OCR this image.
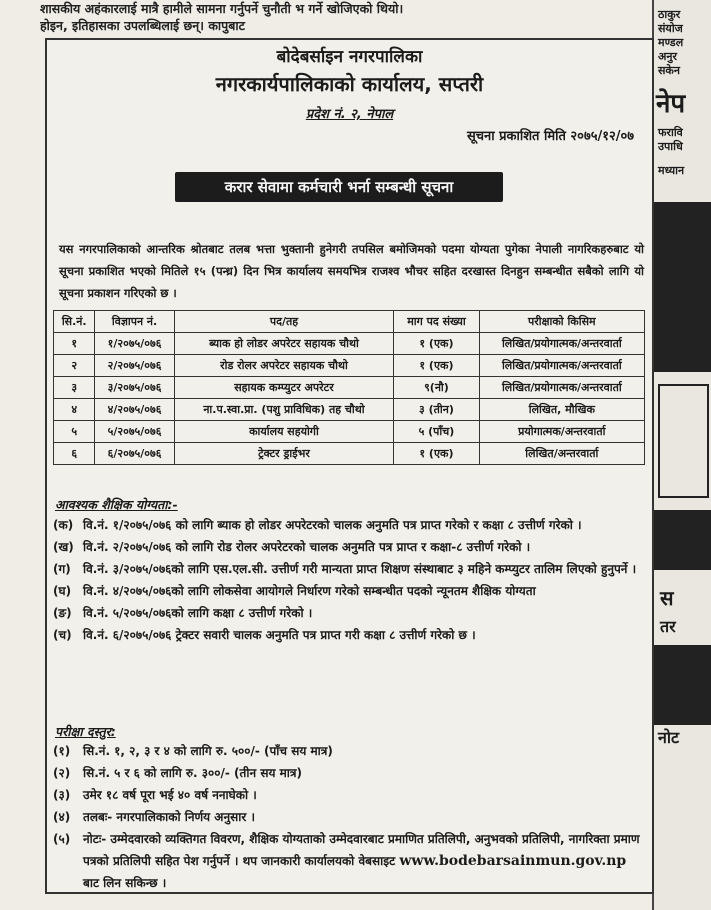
शासकीय अहंकारलाई मात्रै हामीले सामना गर्नुपर्ने चुनौती भ गर्ने खोजिएको थियो।
होइन, इतिहासका उपलब्धिलाई छन्। कापुबाट
ठाकुर
संयोज
मण्डल
अनुर
सकेन
नेप
फरावि
उपाधि
मध्यान
स
तर
नोट
बोदेबर्साइन नगरपालिका
नगरकार्यपालिकाको कार्यालय, सप्तरी
प्रदेश नं. २, नेपाल
सूचना प्रकाशित मिति २०७५/१२/०७
करार सेवामा कर्मचारी भर्ना सम्बन्धी सूचना
यस नगरपालिकाको आन्तरिक श्रोतबाट तलब भत्ता भुक्तानी हुनेगरी तपसिल बमोजिमको पदमा योग्यता पुगेका नेपाली नागरिकहरुबाट यो सूचना प्रकाशित भएको मितिले १५ (पन्ध्र) दिन भित्र कार्यालय समयभित्र राजश्व भौचर सहित दरखास्त दिनहुन सम्बन्धीत सबैको लागि यो सूचना प्रकाशन गरिएको छ ।
सि.नं.	विज्ञापन नं.	पद/तह	माग पद संख्या	परीक्षाको किसिम
१	१/२०७५/०७६	ब्याक हो लोडर अपरेटर सहायक चौथो	१ (एक)	लिखित/प्रयोगात्मक/अन्तरवार्ता
२	२/२०७५/०७६	रोड रोलर अपरेटर सहायक चौथो	१ (एक)	लिखित/प्रयोगात्मक/अन्तरवार्ता
३	३/२०७५/०७६	सहायक कम्प्युटर अपरेटर	९(नौ)	लिखित/प्रयोगात्मक/अन्तरवार्ता
४	४/२०७५/०७६	ना.प.स्वा.प्रा. (पशु प्राविधिक) तह चौथो	३ (तीन)	लिखित, मौखिक
५	५/२०७५/०७६	कार्यालय सहयोगी	५ (पाँच)	प्रयोगात्मक/अन्तरवार्ता
६	६/२०७५/०७६	ट्रेक्टर ड्राईभर	१ (एक)	लिखित/अन्तरवार्ता
आवश्यक शैक्षिक योग्यता:-
(क) वि.नं. १/२०७५/०७६ को लागि ब्याक हो लोडर अपरेटरको चालक अनुमति पत्र प्राप्त गरेको र कक्षा ८ उत्तीर्ण गरेको ।
(ख) वि.नं. २/२०७५/०७६ को लागि रोड रोलर अपरेटरको चालक अनुमति पत्र प्राप्त र कक्षा-८ उत्तीर्ण गरेको ।
(ग)	वि.नं. ३/२०७५/०७६को लागि एस.एल.सी. उत्तीर्ण गरी मान्यता प्राप्त शिक्षण संस्थाबाट ३ महिने कम्प्युटर तालिम लिएको हुनुपर्ने ।
(घ) वि.नं. ४/२०७५/०७६को लागि लोकसेवा आयोगले निर्धारण गरेको सम्बन्धीत पदको न्यूनतम शैक्षिक योग्यता
(ङ) वि.नं. ५/२०७५/०७६को लागि कक्षा ८ उत्तीर्ण गरेको ।
(च) वि.नं. ६/२०७५/०७६ ट्रेक्टर सवारी चालक अनुमति पत्र प्राप्त गरी कक्षा ८ उत्तीर्ण गरेको छ ।
परीक्षा दस्तुर:
(१)	सि.नं. १, २, ३ र ४ को लागि रु. ५००/- (पाँच सय मात्र)
(२)	सि.नं. ५ र ६ को लागि रु. ३००/- (तीन सय मात्र)
(३)	उमेर १८ वर्ष पूरा भई ४० वर्ष ननाघेको ।
(४)	तलबः- नगरपालिकाको निर्णय अनुसार ।
(५)	नोटः- उम्मेदवारको व्यक्तिगत विवरण, शैक्षिक योग्यताको उम्मेदवारबाट प्रमाणित प्रतिलिपी, अनुभवको प्रतिलिपी, नागरिक्ता प्रमाण पत्रको प्रतिलिपी सहित पेश गर्नुपर्ने । थप जानकारी कार्यालयको वेबसाइट www.bodebarsainmun.gov.np बाट लिन सकिन्छ ।
